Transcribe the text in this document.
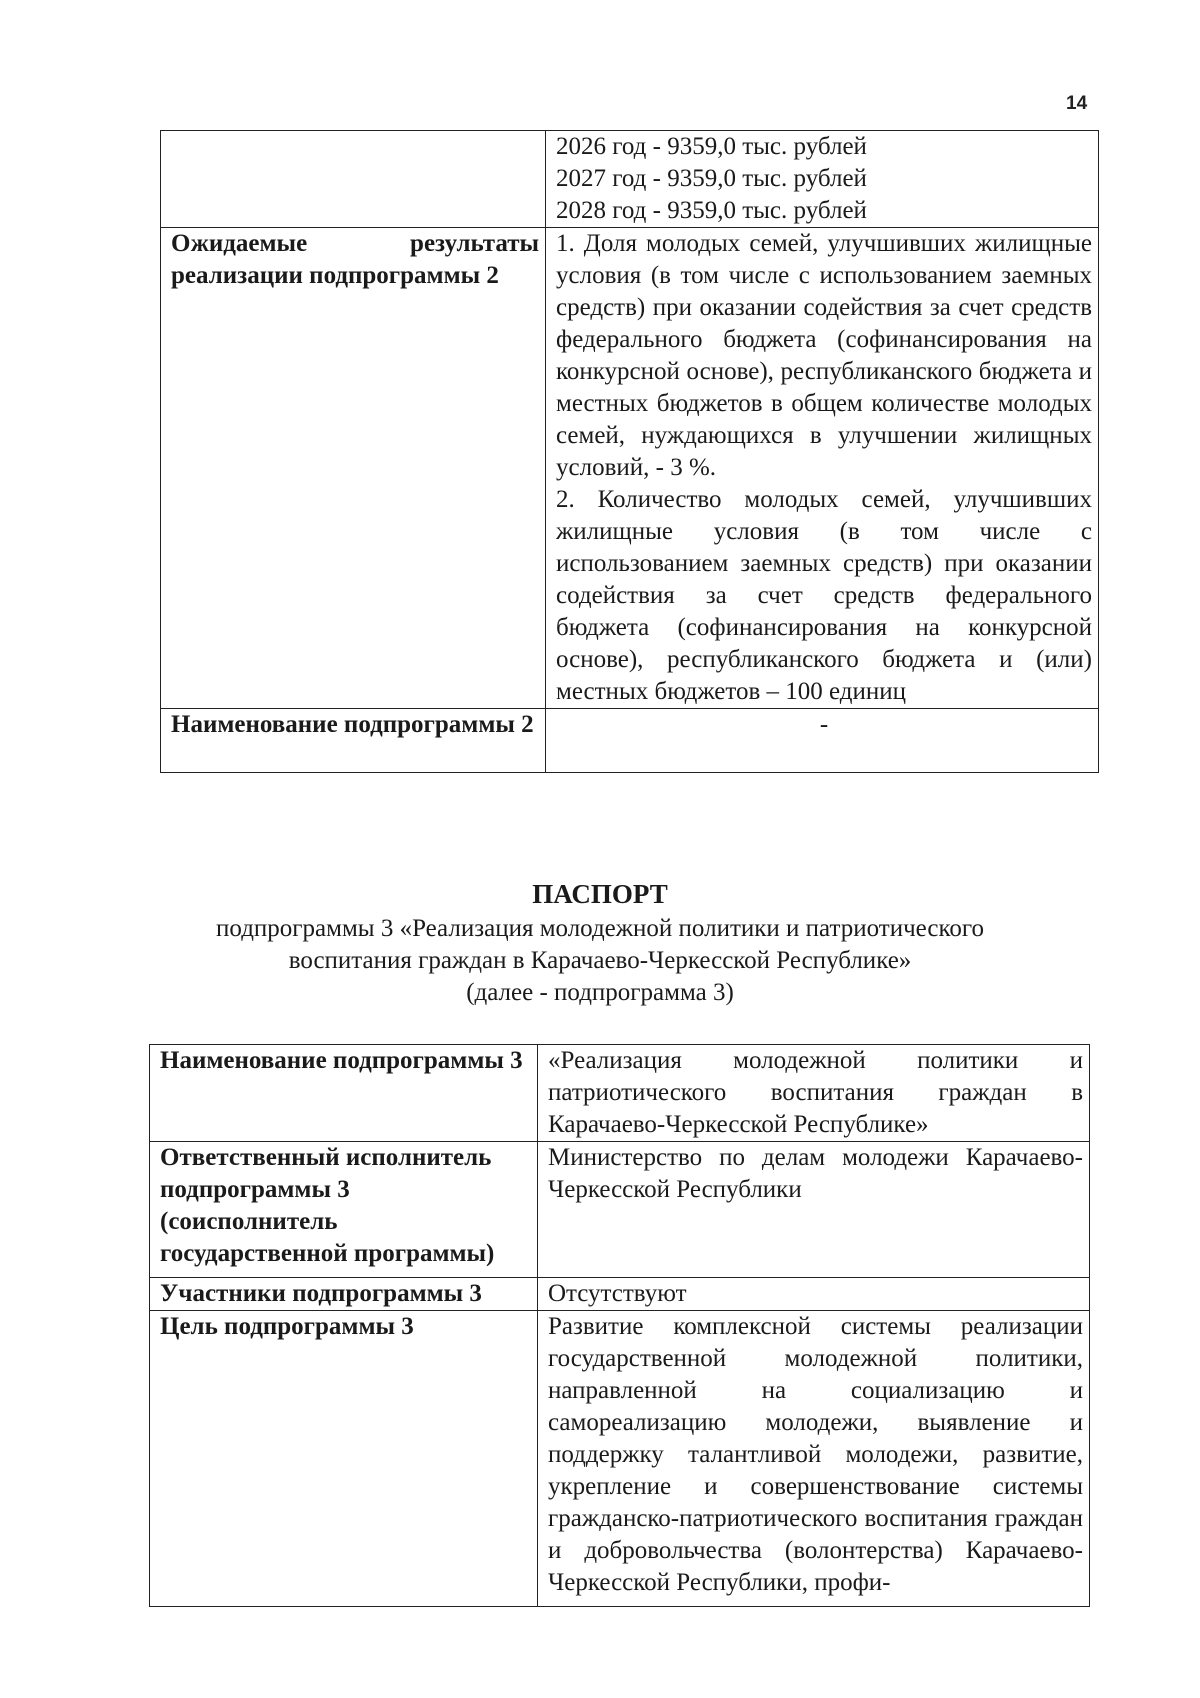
14

	2026 год - 9359,0 тыс. рублей
2027 год - 9359,0 тыс. рублей
2028 год - 9359,0 тыс. рублей

Ожидаемые результаты реализации подпрограммы 2	1. Доля молодых семей, улучшивших жилищные условия (в том числе с использованием заемных средств) при оказании содействия за счет средств федерального бюджета (софинансирования на конкурсной основе), республиканского бюджета и местных бюджетов в общем количестве молодых семей, нуждающихся в улучшении жилищных условий, - 3 %.
2. Количество молодых семей, улучшивших жилищные условия (в том числе с использованием заемных средств) при оказании содействия за счет средств федерального бюджета (софинансирования на конкурсной основе), республиканского бюджета и (или) местных бюджетов – 100 единиц

Наименование подпрограммы 2	-
ПАСПОРТ
подпрограммы 3 «Реализация молодежной политики и патриотического
воспитания граждан в Карачаево-Черкесской Республике»
(далее - подпрограмма 3)
Наименование подпрограммы 3	«Реализация молодежной политики и патриотического воспитания граждан в Карачаево-Черкесской Республике»
Ответственный исполнитель подпрограммы 3 (соисполнитель государственной программы)	Министерство по делам молодежи Карачаево-Черкесской Республики
Участники подпрограммы 3	Отсутствуют
Цель подпрограммы 3	Развитие комплексной системы реализации государственной молодежной политики, направленной на социализацию и самореализацию молодежи, выявление и поддержку талантливой молодежи, развитие, укрепление и совершенствование системы гражданско-патриотического воспитания граждан и добровольчества (волонтерства) Карачаево-Черкесской Республики, профи-
